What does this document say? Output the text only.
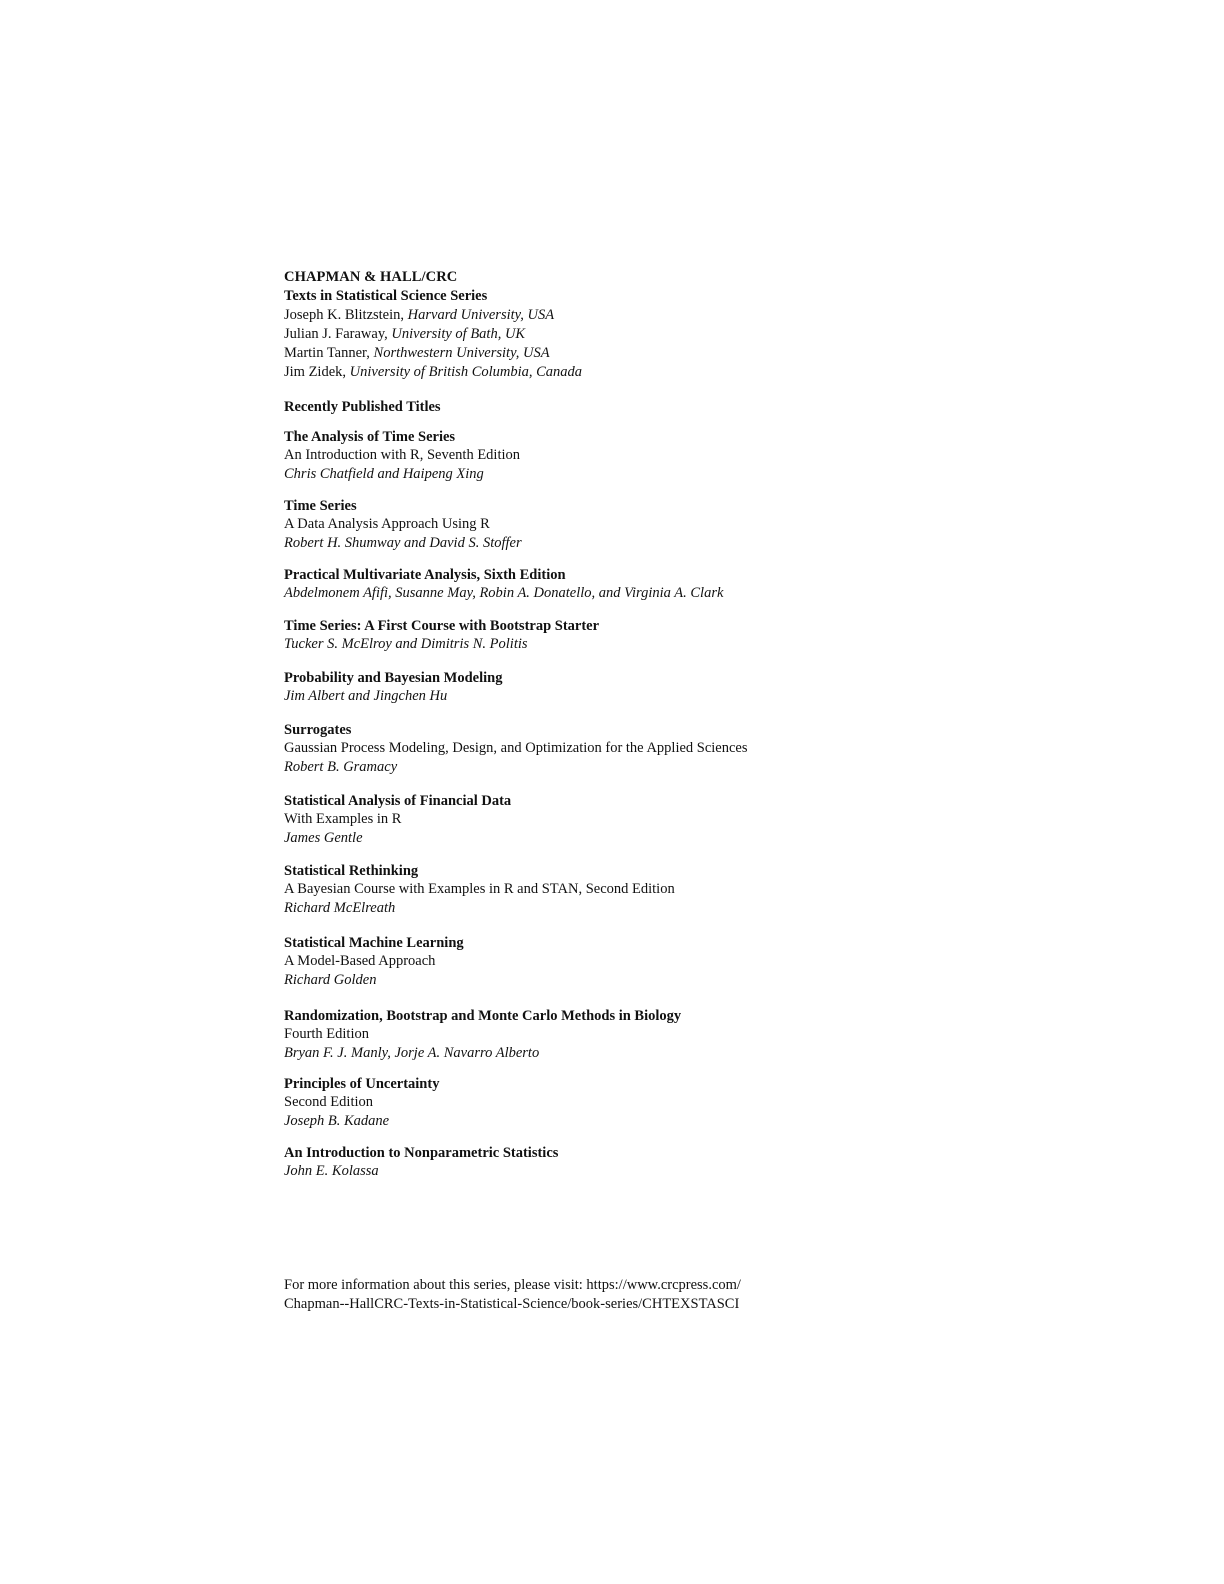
CHAPMAN & HALL/CRC
Texts in Statistical Science Series
Joseph K. Blitzstein, Harvard University, USA
Julian J. Faraway, University of Bath, UK
Martin Tanner, Northwestern University, USA
Jim Zidek, University of British Columbia, Canada
Recently Published Titles
The Analysis of Time Series
An Introduction with R, Seventh Edition
Chris Chatfield and Haipeng Xing
Time Series
A Data Analysis Approach Using R
Robert H. Shumway and David S. Stoffer
Practical Multivariate Analysis, Sixth Edition
Abdelmonem Afifi, Susanne May, Robin A. Donatello, and Virginia A. Clark
Time Series: A First Course with Bootstrap Starter
Tucker S. McElroy and Dimitris N. Politis
Probability and Bayesian Modeling
Jim Albert and Jingchen Hu
Surrogates
Gaussian Process Modeling, Design, and Optimization for the Applied Sciences
Robert B. Gramacy
Statistical Analysis of Financial Data
With Examples in R
James Gentle
Statistical Rethinking
A Bayesian Course with Examples in R and STAN, Second Edition
Richard McElreath
Statistical Machine Learning
A Model-Based Approach
Richard Golden
Randomization, Bootstrap and Monte Carlo Methods in Biology
Fourth Edition
Bryan F. J. Manly, Jorje A. Navarro Alberto
Principles of Uncertainty
Second Edition
Joseph B. Kadane
An Introduction to Nonparametric Statistics
John E. Kolassa
For more information about this series, please visit: https://www.crcpress.com/
Chapman--HallCRC-Texts-in-Statistical-Science/book-series/CHTEXSTASCI
